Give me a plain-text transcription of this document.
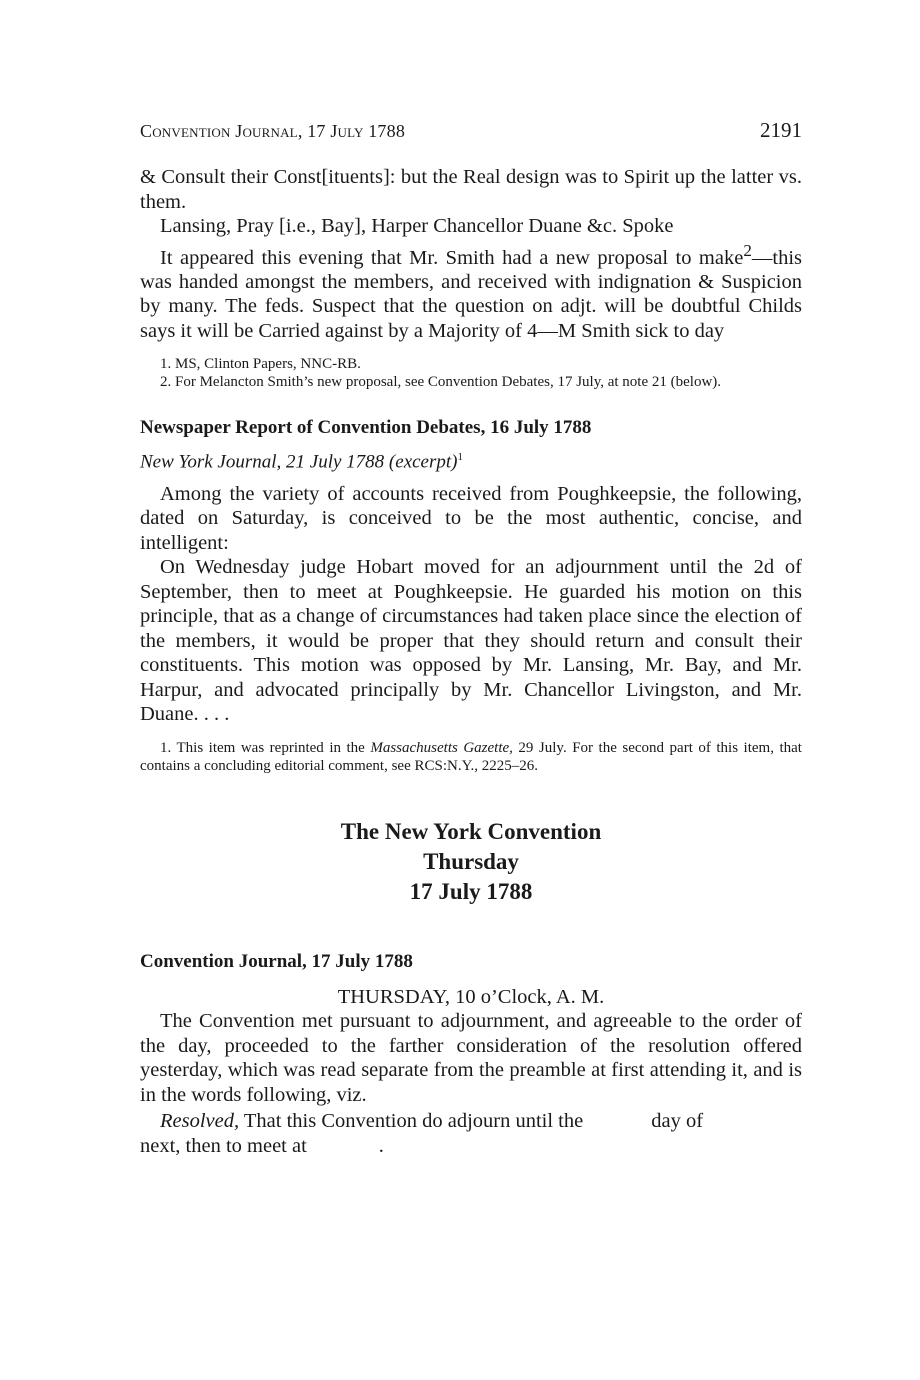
Convention Journal, 17 July 1788	2191

& Consult their Const[ituents]: but the Real design was to Spirit up the latter vs. them.

Lansing, Pray [i.e., Bay], Harper Chancellor Duane &c. Spoke

It appeared this evening that Mr. Smith had a new proposal to make$^2$—this was handed amongst the members, and received with indignation & Suspicion by many. The feds. Suspect that the question on adjt. will be doubtful Childs says it will be Carried against by a Majority of 4—M Smith sick to day

1. MS, Clinton Papers, NNC-RB.

2. For Melancton Smith’s new proposal, see Convention Debates, 17 July, at note 21 (below).

Newspaper Report of Convention Debates, 16 July 1788
New York Journal, 21 July 1788 (excerpt)$^1$

Among the variety of accounts received from Poughkeepsie, the following, dated on Saturday, is conceived to be the most authentic, concise, and intelligent:

On Wednesday judge Hobart moved for an adjournment until the 2d of September, then to meet at Poughkeepsie. He guarded his motion on this principle, that as a change of circumstances had taken place since the election of the members, it would be proper that they should return and consult their constituents. This motion was opposed by Mr. Lansing, Mr. Bay, and Mr. Harpur, and advocated principally by Mr. Chancellor Livingston, and Mr. Duane. . . .

1. This item was reprinted in the Massachusetts Gazette, 29 July. For the second part of this item, that contains a concluding editorial comment, see RCS:N.Y., 2225–26.

The New York Convention
Thursday
17 July 1788
Convention Journal, 17 July 1788

THURSDAY, 10 o’Clock, A. M.

The Convention met pursuant to adjournment, and agreeable to the order of the day, proceeded to the farther consideration of the resolution offered yesterday, which was read separate from the preamble at first attending it, and is in the words following, viz.

Resolved, That this Convention do adjourn until the	day of

next, then to meet at	.
